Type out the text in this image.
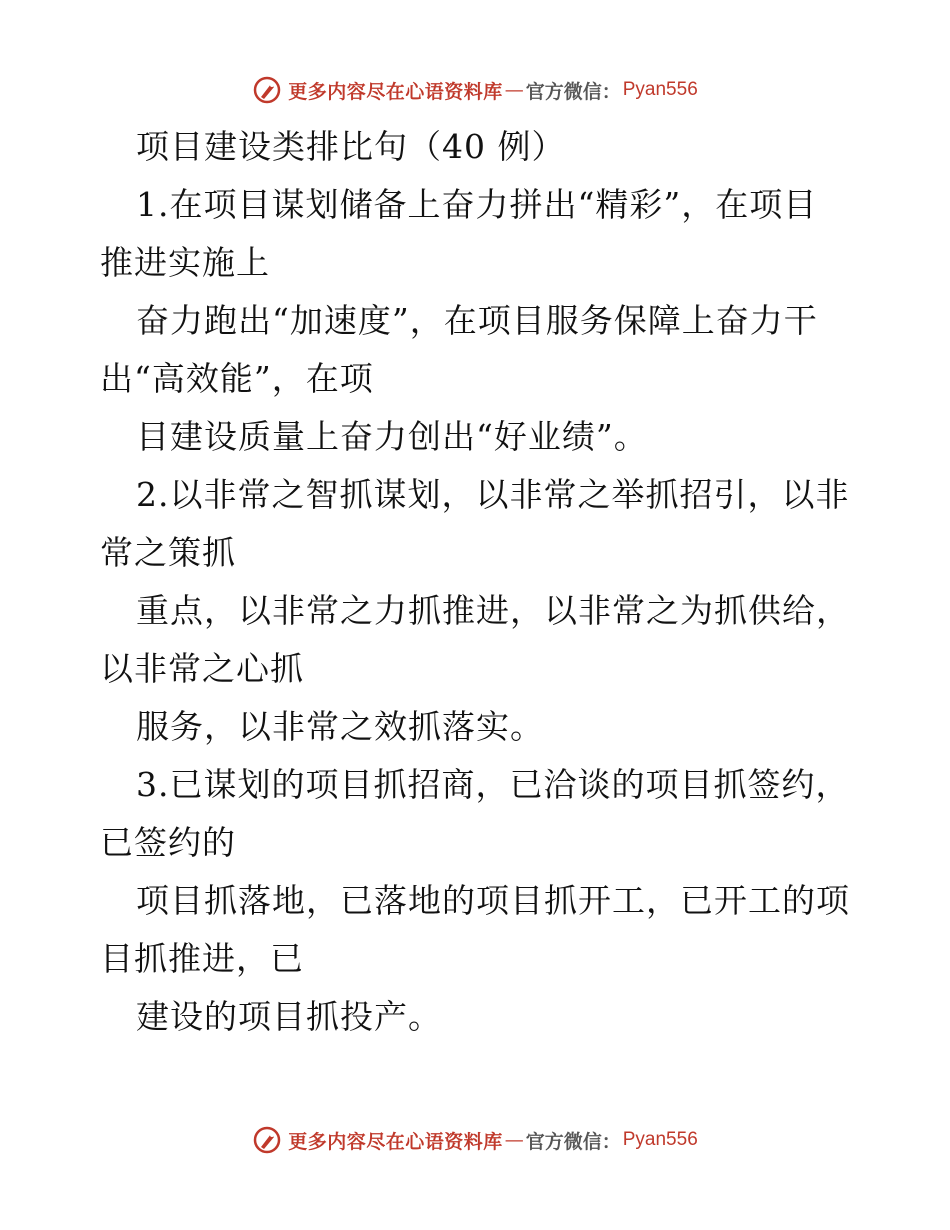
更多内容尽在心语资料库 — 官方微信： Pyan556
项目建设类排比句（40 例）
1.在项目谋划储备上奋力拼出“精彩”，在项目
推进实施上
奋力跑出“加速度”，在项目服务保障上奋力干
出“高效能”，在项
目建设质量上奋力创出“好业绩”。
2.以非常之智抓谋划，以非常之举抓招引，以非
常之策抓
重点，以非常之力抓推进，以非常之为抓供给，
以非常之心抓
服务，以非常之效抓落实。
3.已谋划的项目抓招商，已洽谈的项目抓签约，
已签约的
项目抓落地，已落地的项目抓开工，已开工的项
目抓推进，已
建设的项目抓投产。
更多内容尽在心语资料库 — 官方微信： Pyan556
